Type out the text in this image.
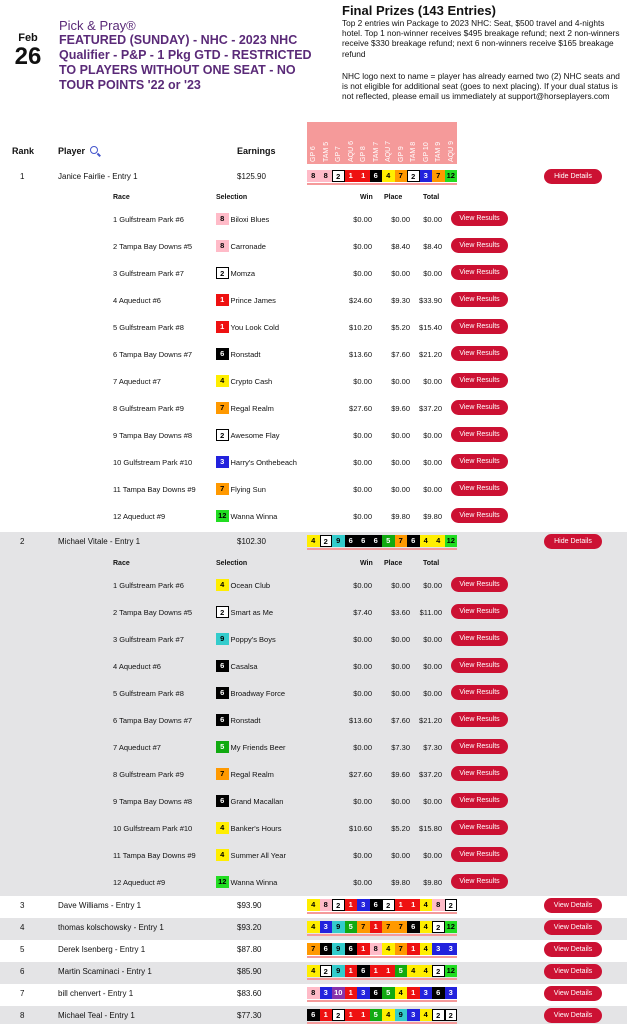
Feb
26
Pick & Pray®
FEATURED (SUNDAY) - NHC - 2023 NHC Qualifier - P&P - 1 Pkg GTD - RESTRICTED TO PLAYERS WITHOUT ONE SEAT - NO TOUR POINTS '22 or '23
Final Prizes (143 Entries)

Top 2 entries win Package to 2023 NHC: Seat, $500 travel and 4-nights hotel. Top 1 non-winner receives $495 breakage refund; next 2 non-winners receive $330 breakage refund; next 6 non-winners receive $165 breakage refund

NHC logo next to name = player has already earned two (2) NHC seats and is not eligible for additional seat (goes to next placing). If your dual status is not reflected, please email us immediately at support@horseplayers.com

Rank	Player	Earnings	GP 6 TAM 5 GP 7 AQU 6 GP 8 TAM 7 AQU 7 GP 9 TAM 8 GP 10 TAM 9 AQU 9
1	Janice Fairlie - Entry 1	$125.90	8	8	2	1	1	6	4	7	2	3	7 12	Hide Details
Race	Selection	Win Place	Total
1 Gulfstream Park #6	8 Biloxi Blues	$0.00	$0.00	$0.00	View Results
2 Tampa Bay Downs #5	8 Carronade	$0.00	$8.40	$8.40	View Results
3 Gulfstream Park #7	2 Momza	$0.00	$0.00	$0.00	View Results
4 Aqueduct #6	1 Prince James	$24.60	$9.30	$33.90	View Results
5 Gulfstream Park #8	1 You Look Cold	$10.20	$5.20	$15.40	View Results
6 Tampa Bay Downs #7	6 Ronstadt	$13.60	$7.60	$21.20	View Results
7 Aqueduct #7	4 Crypto Cash	$0.00	$0.00	$0.00	View Results
8 Gulfstream Park #9	7 Regal Realm	$27.60	$9.60	$37.20	View Results
9 Tampa Bay Downs #8	2 Awesome Flay	$0.00	$0.00	$0.00	View Results
10 Gulfstream Park #10	3 Harry's Onthebeach	$0.00	$0.00	$0.00	View Results
11 Tampa Bay Downs #9	7 Flying Sun	$0.00	$0.00	$0.00	View Results
12 Aqueduct #9	12 Wanna Winna	$0.00	$9.80	$9.80	View Results
2	Michael Vitale - Entry 1	$102.30	4	2	9	6	6	6	5	7	6	4	4 12	Hide Details
Race	Selection	Win Place	Total
1 Gulfstream Park #6	4 Ocean Club	$0.00	$0.00	$0.00	View Results
2 Tampa Bay Downs #5	2 Smart as Me	$7.40	$3.60	$11.00	View Results
3 Gulfstream Park #7	9 Poppy's Boys	$0.00	$0.00	$0.00	View Results
4 Aqueduct #6	6 Casalsa	$0.00	$0.00	$0.00	View Results
5 Gulfstream Park #8	6 Broadway Force	$0.00	$0.00	$0.00	View Results
6 Tampa Bay Downs #7	6 Ronstadt	$13.60	$7.60	$21.20	View Results
7 Aqueduct #7	5 My Friends Beer	$0.00	$7.30	$7.30	View Results
8 Gulfstream Park #9	7 Regal Realm	$27.60	$9.60	$37.20	View Results
9 Tampa Bay Downs #8	6 Grand Macallan	$0.00	$0.00	$0.00	View Results
10 Gulfstream Park #10	4 Banker's Hours	$10.60	$5.20	$15.80	View Results
11 Tampa Bay Downs #9	4 Summer All Year	$0.00	$0.00	$0.00	View Results
12 Aqueduct #9	12 Wanna Winna	$0.00	$9.80	$9.80	View Results
3	Dave Williams - Entry 1	$93.90	4	8	2	1	3	6	2	1	1	4	8	2	View Details
4	thomas kolschowsky - Entry 1	$93.20	4	3	9	5	7	1	7	7	6	4	2 12	View Details
5	Derek Isenberg - Entry 1	$87.80	7	6	9	6	1	8	4	7	1	4	3	3	View Details
6	Martin Scaminaci - Entry 1	$85.90	4	2	9	1	6	1	1	5	4	4	2 12	View Details
7	bill chenvert - Entry 1	$83.60	8	3 10 1	3	6	5	4	1	3	6	3	View Details
8	Michael Teal - Entry 1	$77.30	6	1	2	1	1	5	4	9	3	4	2	2	View Details
